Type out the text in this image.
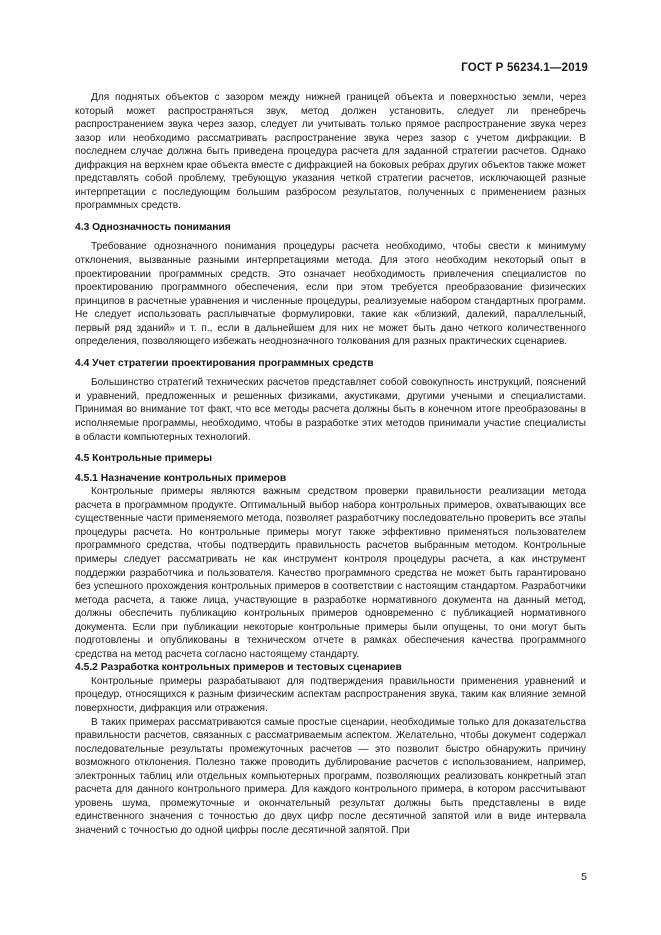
ГОСТ Р 56234.1—2019

Для поднятых объектов с зазором между нижней границей объекта и поверхностью земли, через который может распространяться звук, метод должен установить, следует ли пренебречь распространением звука через зазор, следует ли учитывать только прямое распространение звука через зазор или необходимо рассматривать распространение звука через зазор с учетом дифракции. В последнем случае должна быть приведена процедура расчета для заданной стратегии расчетов. Однако дифракция на верхнем крае объекта вместе с дифракцией на боковых ребрах других объектов также может представлять собой проблему, требующую указания четкой стратегии расчетов, исключающей разные интерпретации с последующим большим разбросом результатов, полученных с применением разных программных средств.

4.3 Однозначность понимания

Требование однозначного понимания процедуры расчета необходимо, чтобы свести к минимуму отклонения, вызванные разными интерпретациями метода. Для этого необходим некоторый опыт в проектировании программных средств. Это означает необходимость привлечения специалистов по проектированию программного обеспечения, если при этом требуется преобразование физических принципов в расчетные уравнения и численные процедуры, реализуемые набором стандартных программ. Не следует использовать расплывчатые формулировки, такие как «близкий, далекий, параллельный, первый ряд зданий» и т. п., если в дальнейшем для них не может быть дано четкого количественного определения, позволяющего избежать неоднозначного толкования для разных практических сценариев.

4.4 Учет стратегии проектирования программных средств

Большинство стратегий технических расчетов представляет собой совокупность инструкций, пояснений и уравнений, предложенных и решенных физиками, акустиками, другими учеными и специалистами. Принимая во внимание тот факт, что все методы расчета должны быть в конечном итоге преобразованы в исполняемые программы, необходимо, чтобы в разработке этих методов принимали участие специалисты в области компьютерных технологий.

4.5 Контрольные примеры
4.5.1 Назначение контрольных примеров

Контрольные примеры являются важным средством проверки правильности реализации метода расчета в программном продукте. Оптимальный выбор набора контрольных примеров, охватывающих все существенные части применяемого метода, позволяет разработчику последовательно проверить все этапы процедуры расчета. Но контрольные примеры могут также эффективно применяться пользователем программного средства, чтобы подтвердить правильность расчетов выбранным методом. Контрольные примеры следует рассматривать не как инструмент контроля процедуры расчета, а как инструмент поддержки разработчика и пользователя. Качество программного средства не может быть гарантировано без успешного прохождения контрольных примеров в соответствии с настоящим стандартом. Разработчики метода расчета, а также лица, участвующие в разработке нормативного документа на данный метод, должны обеспечить публикацию контрольных примеров одновременно с публикацией нормативного документа. Если при публикации некоторые контрольные примеры были опущены, то они могут быть подготовлены и опубликованы в техническом отчете в рамках обеспечения качества программного средства на метод расчета согласно настоящему стандарту.

4.5.2 Разработка контрольных примеров и тестовых сценариев

Контрольные примеры разрабатывают для подтверждения правильности применения уравнений и процедур, относящихся к разным физическим аспектам распространения звука, таким как влияние земной поверхности, дифракция или отражения.

В таких примерах рассматриваются самые простые сценарии, необходимые только для доказательства правильности расчетов, связанных с рассматриваемым аспектом. Желательно, чтобы документ содержал последовательные результаты промежуточных расчетов — это позволит быстро обнаружить причину возможного отклонения. Полезно также проводить дублирование расчетов с использованием, например, электронных таблиц или отдельных компьютерных программ, позволяющих реализовать конкретный этап расчета для данного контрольного примера. Для каждого контрольного примера, в котором рассчитывают уровень шума, промежуточные и окончательный результат должны быть представлены в виде единственного значения с точностью до двух цифр после десятичной запятой или в виде интервала значений с точностью до одной цифры после десятичной запятой. При

5
